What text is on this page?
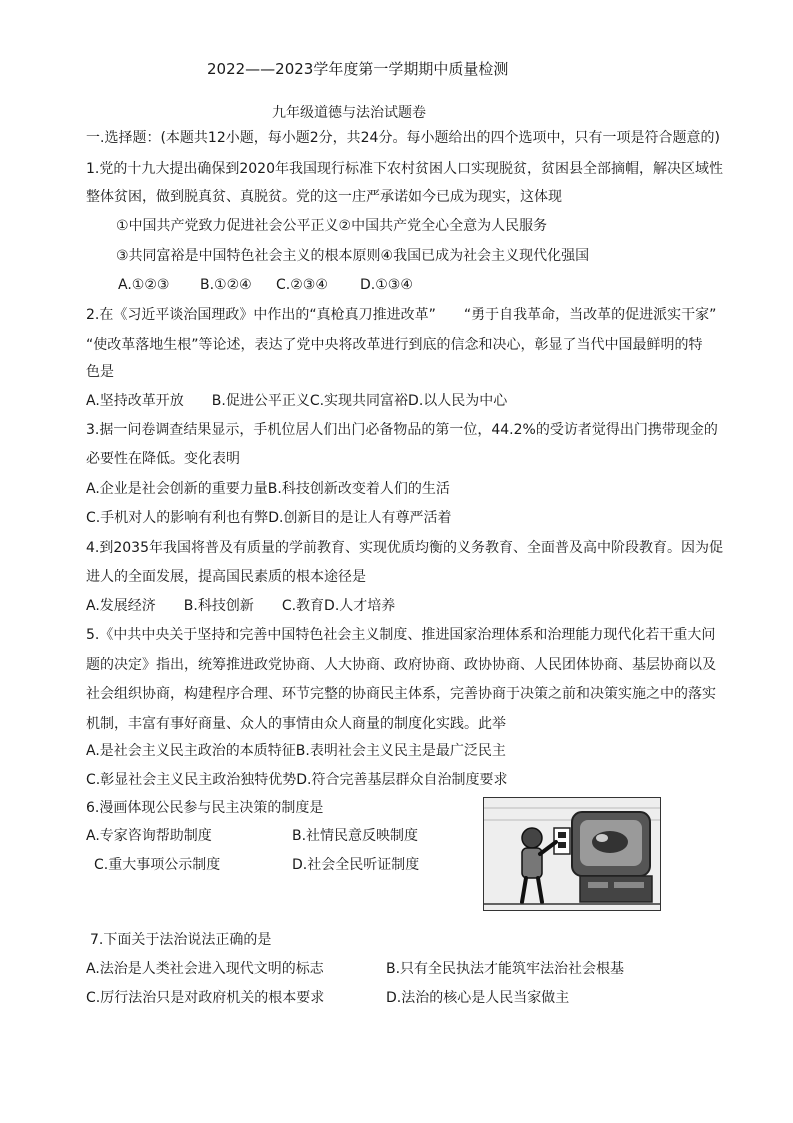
2022——2023学年度第一学期期中质量检测
九年级道德与法治试题卷
一.选择题：(本题共12小题，每小题2分，共24分。每小题给出的四个选项中，只有一项是符合题意的)
1.党的十九大提出确保到2020年我国现行标准下农村贫困人口实现脱贫，贫困县全部摘帽，解决区域性
整体贫困，做到脱真贫、真脱贫。党的这一庄严承诺如今已成为现实，这体现
①中国共产党致力促进社会公平正义②中国共产党全心全意为人民服务
③共同富裕是中国特色社会主义的根本原则④我国已成为社会主义现代化强国
A.①②③ B.①②④ C.②③④ D.①③④
2.在《习近平谈治国理政》中作出的“真枪真刀推进改革”　　“勇于自我革命，当改革的促进派实干家”
“使改革落地生根”等论述，表达了党中央将改革进行到底的信念和决心，彰显了当代中国最鲜明的特
色是
A.坚持改革开放　　B.促进公平正义C.实现共同富裕D.以人民为中心
3.据一问卷调查结果显示，手机位居人们出门必备物品的第一位，44.2%的受访者觉得出门携带现金的
必要性在降低。变化表明
A.企业是社会创新的重要力量B.科技创新改变着人们的生活
C.手机对人的影响有利也有弊D.创新目的是让人有尊严活着
4.到2035年我国将普及有质量的学前教育、实现优质均衡的义务教育、全面普及高中阶段教育。因为促
进人的全面发展，提高国民素质的根本途径是
A.发展经济　　B.科技创新　　C.教育D.人才培养
5.《中共中央关于坚持和完善中国特色社会主义制度、推进国家治理体系和治理能力现代化若干重大问
题的决定》指出，统筹推进政党协商、人大协商、政府协商、政协协商、人民团体协商、基层协商以及
社会组织协商，构建程序合理、环节完整的协商民主体系，完善协商于决策之前和决策实施之中的落实
机制，丰富有事好商量、众人的事情由众人商量的制度化实践。此举
A.是社会主义民主政治的本质特征B.表明社会主义民主是最广泛民主
C.彰显社会主义民主政治独特优势D.符合完善基层群众自治制度要求
6.漫画体现公民参与民主决策的制度是
A.专家咨询帮助制度	B.社情民意反映制度
C.重大事项公示制度	D.社会全民听证制度
7.下面关于法治说法正确的是
A.法治是人类社会进入现代文明的标志	B.只有全民执法才能筑牢法治社会根基
C.厉行法治只是对政府机关的根本要求	D.法治的核心是人民当家做主
